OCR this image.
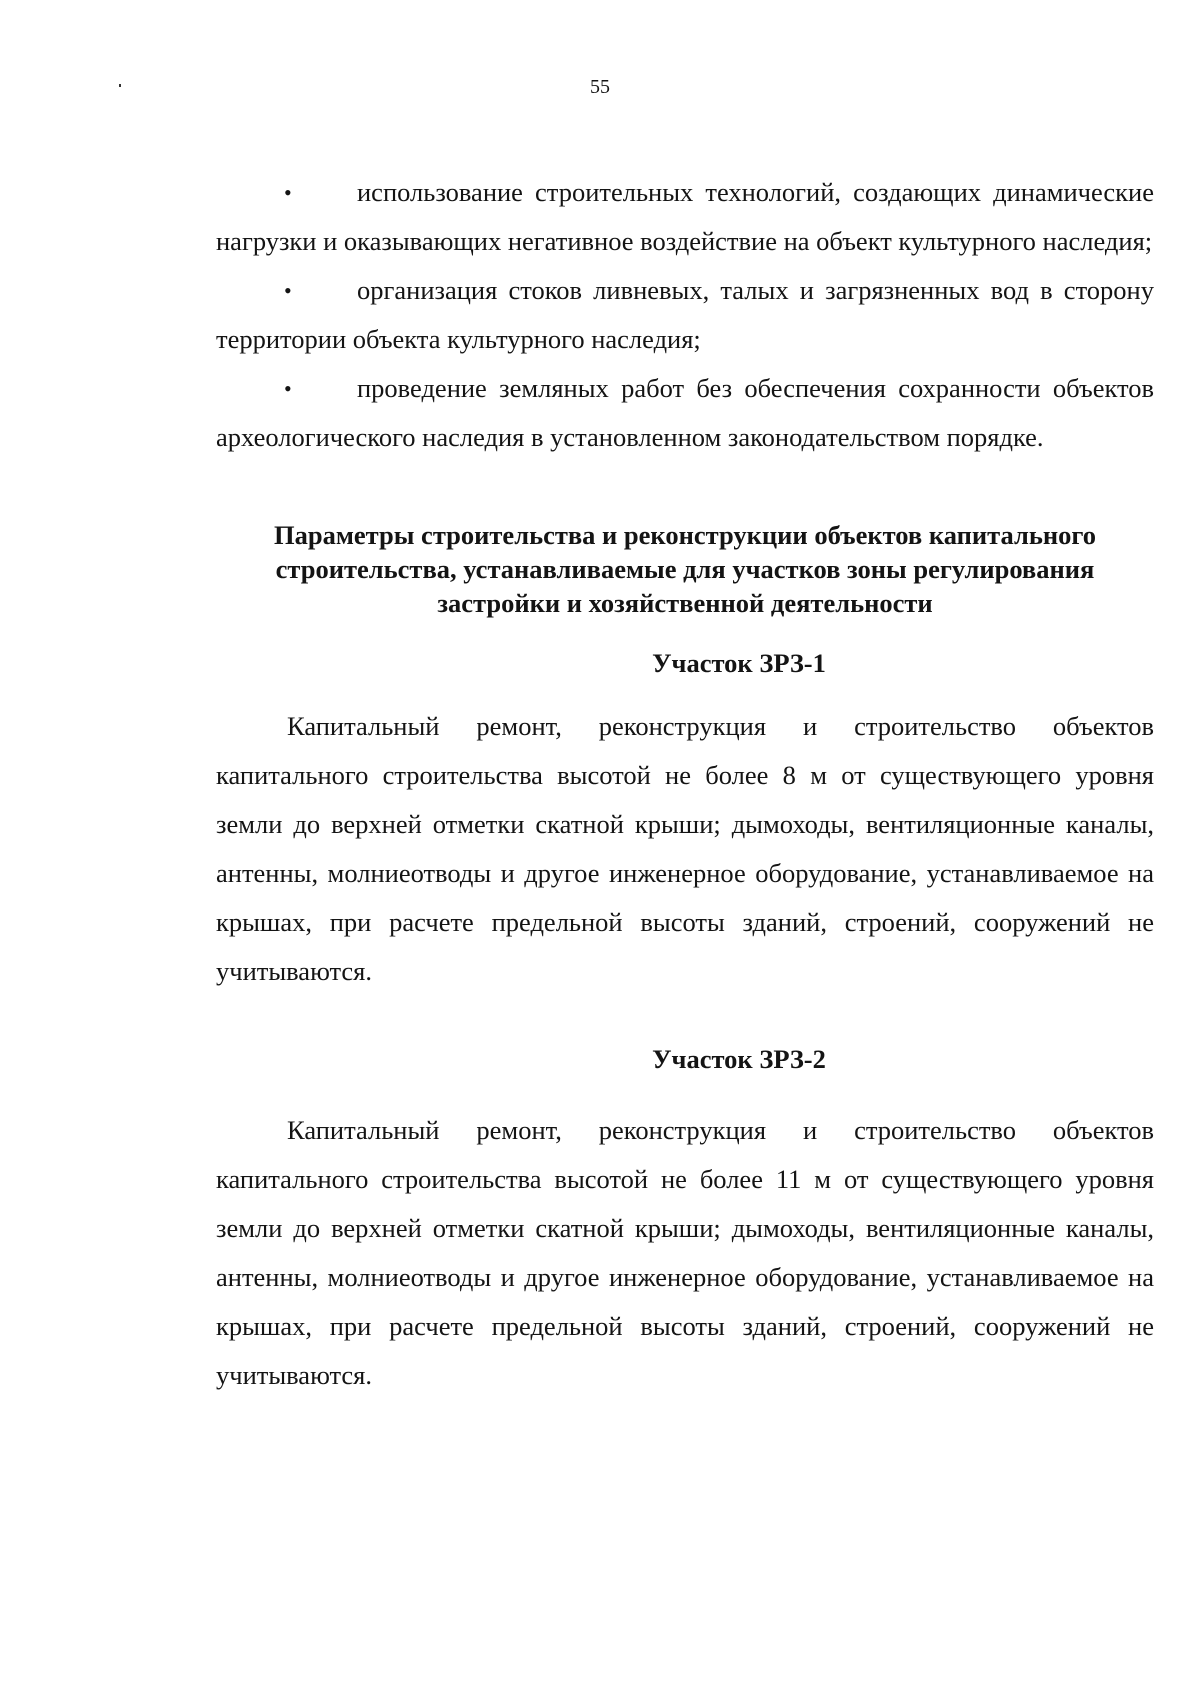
55

• использование строительных технологий, создающих динамические нагрузки и оказывающих негативное воздействие на объект культурного наследия;

• организация стоков ливневых, талых и загрязненных вод в сторону территории объекта культурного наследия;

• проведение земляных работ без обеспечения сохранности объектов археологического наследия в установленном законодательством порядке.

Параметры строительства и реконструкции объектов капитального строительства, устанавливаемые для участков зоны регулирования застройки и хозяйственной деятельности

Участок ЗРЗ-1

Капитальный ремонт, реконструкция и строительство объектов капитального строительства высотой не более 8 м от существующего уровня земли до верхней отметки скатной крыши; дымоходы, вентиляционные каналы, антенны, молниеотводы и другое инженерное оборудование, устанавливаемое на крышах, при расчете предельной высоты зданий, строений, сооружений не учитываются.

Участок ЗРЗ-2

Капитальный ремонт, реконструкция и строительство объектов капитального строительства высотой не более 11 м от существующего уровня земли до верхней отметки скатной крыши; дымоходы, вентиляционные каналы, антенны, молниеотводы и другое инженерное оборудование, устанавливаемое на крышах, при расчете предельной высоты зданий, строений, сооружений не учитываются.
